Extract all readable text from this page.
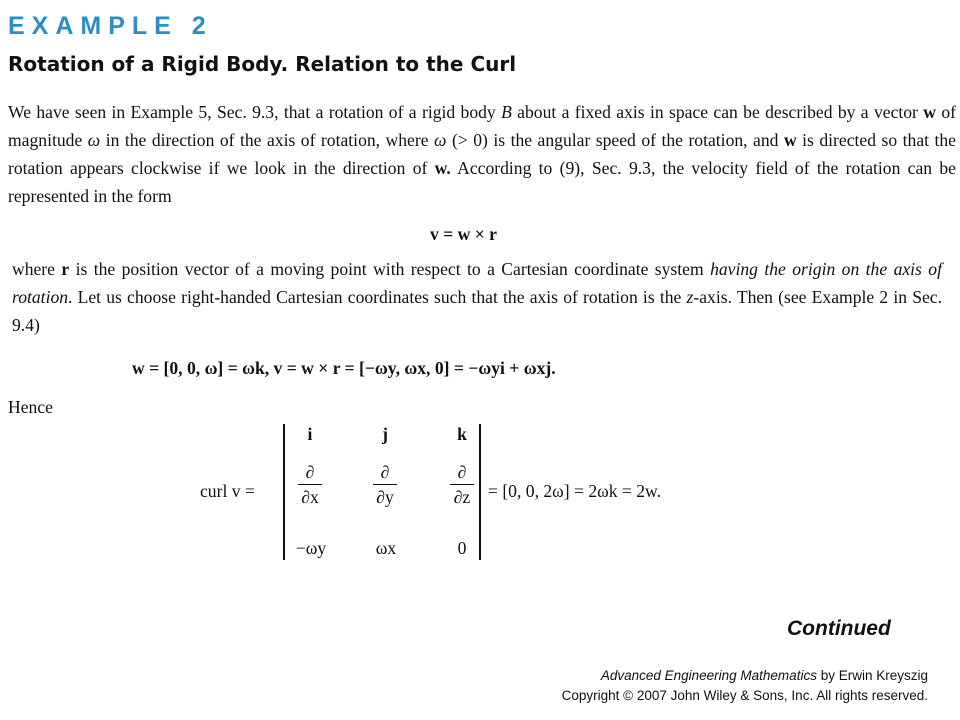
EXAMPLE 2
Rotation of a Rigid Body. Relation to the Curl

We have seen in Example 5, Sec. 9.3, that a rotation of a rigid body B about a fixed axis in space can be described by a vector w of magnitude ω in the direction of the axis of rotation, where ω (> 0) is the angular speed of the rotation, and w is directed so that the rotation appears clockwise if we look in the direction of w. According to (9), Sec. 9.3, the velocity field of the rotation can be represented in the form

v = w × r

where r is the position vector of a moving point with respect to a Cartesian coordinate system having the origin on the axis of rotation. Let us choose right-handed Cartesian coordinates such that the axis of rotation is the z-axis. Then (see Example 2 in Sec. 9.4)

w = [0, 0, ω] = ωk, v = w × r = [−ωy, ωx, 0] = −ωyi + ωxj.

Hence

curl v =
i	j	k
∂
∂x
∂
∂y
∂
∂z
−ωy	ωx	0
= [0, 0, 2ω] = 2ωk = 2w.
Continued
Advanced Engineering Mathematics by Erwin Kreyszig
Copyright © 2007 John Wiley & Sons, Inc. All rights reserved.
